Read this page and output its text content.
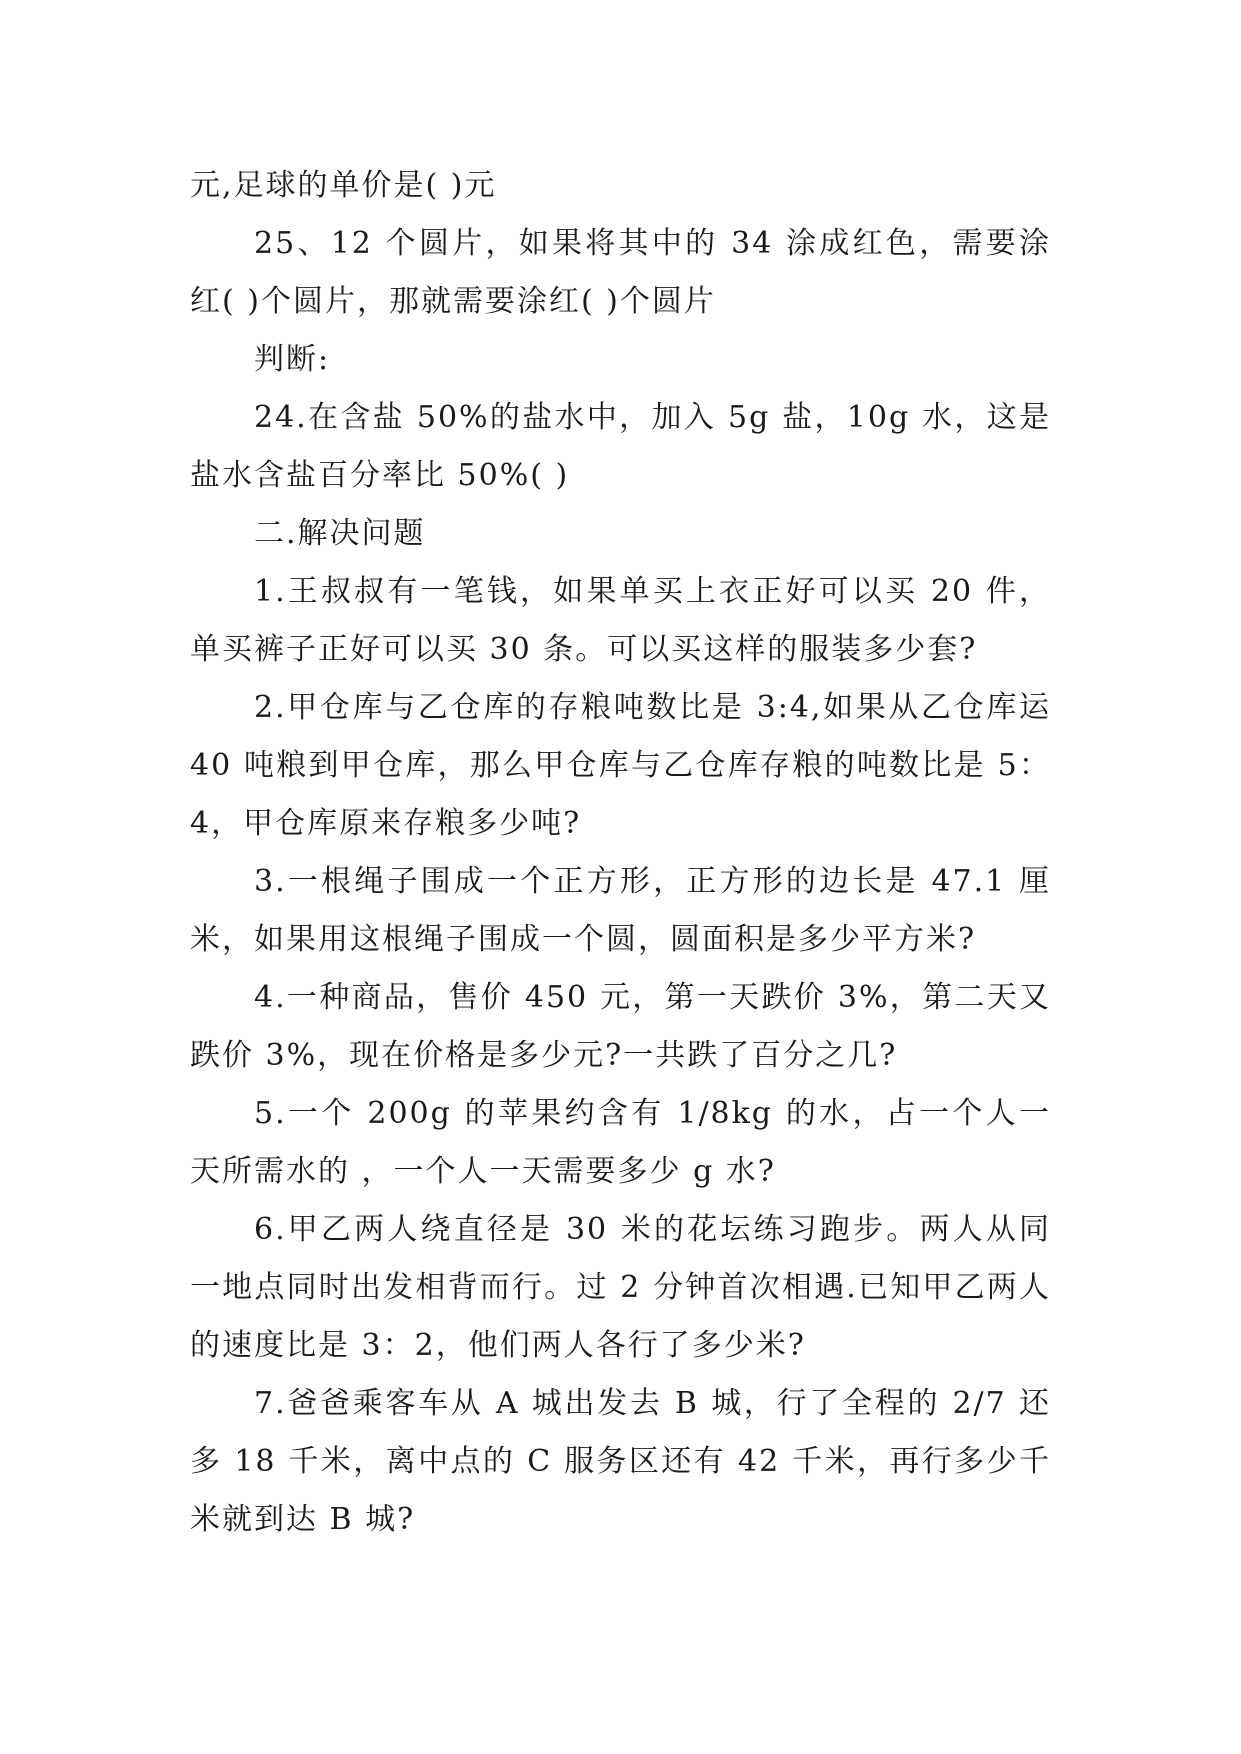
元,足球的单价是( )元

25、12 个圆片，如果将其中的 34 涂成红色，需要涂红( )个圆片，那就需要涂红( )个圆片

判断:

24.在含盐 50%的盐水中，加入 5g 盐，10g 水，这是盐水含盐百分率比 50%( )

二.解决问题

1.王叔叔有一笔钱，如果单买上衣正好可以买 20 件，单买裤子正好可以买 30 条。可以买这样的服装多少套?

2.甲仓库与乙仓库的存粮吨数比是 3:4,如果从乙仓库运 40 吨粮到甲仓库，那么甲仓库与乙仓库存粮的吨数比是 5：4，甲仓库原来存粮多少吨?

3.一根绳子围成一个正方形，正方形的边长是 47.1 厘米，如果用这根绳子围成一个圆，圆面积是多少平方米?

4.一种商品，售价 450 元，第一天跌价 3%，第二天又跌价 3%，现在价格是多少元?一共跌了百分之几?

5.一个 200g 的苹果约含有 1/8kg 的水，占一个人一天所需水的 ，一个人一天需要多少 g 水?

6.甲乙两人绕直径是 30 米的花坛练习跑步。两人从同一地点同时出发相背而行。过 2 分钟首次相遇.已知甲乙两人的速度比是 3：2，他们两人各行了多少米?

7.爸爸乘客车从 A 城出发去 B 城，行了全程的 2/7 还多 18 千米，离中点的 C 服务区还有 42 千米，再行多少千米就到达 B 城?
